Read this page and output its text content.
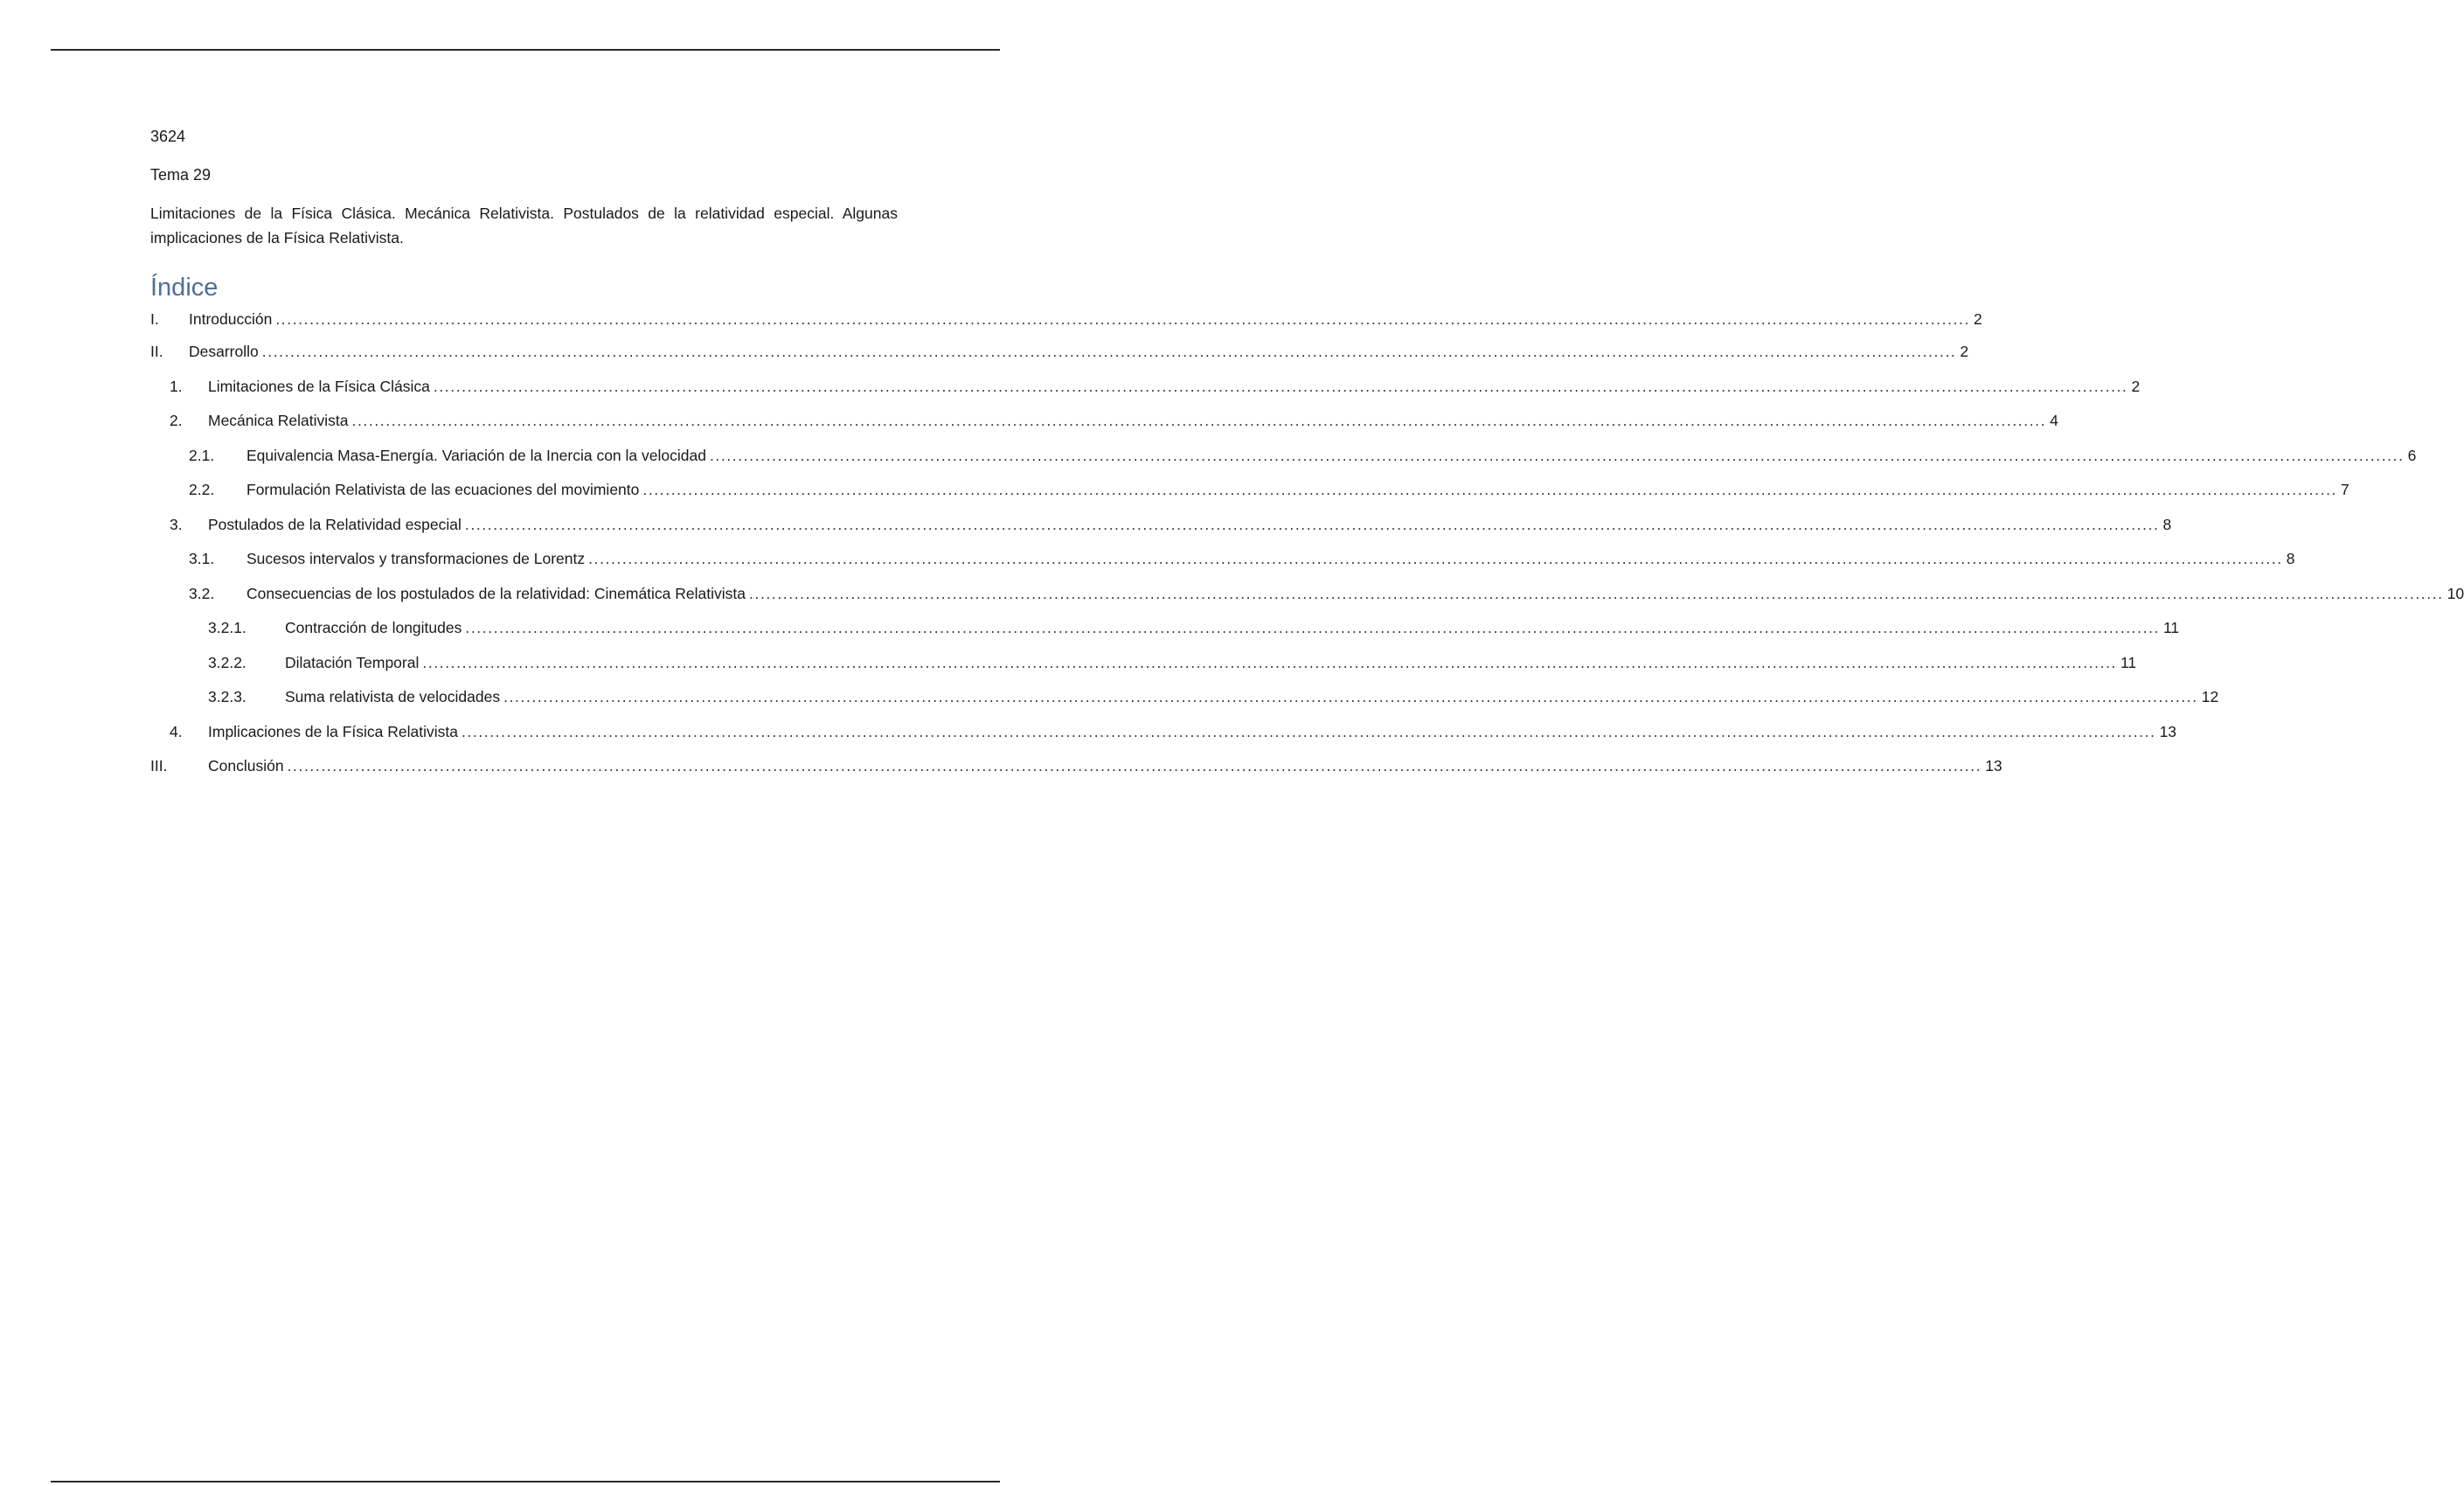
3624

Tema 29

Limitaciones de la Física Clásica. Mecánica Relativista. Postulados de la relatividad especial. Algunas implicaciones de la Física Relativista.

Índice
I.	Introducción ............................................................................................................................................................................................................................................................................................................ 2
II.	Desarrollo ............................................................................................................................................................................................................................................................................................................ 2
1.	Limitaciones de la Física Clásica ............................................................................................................................................................................................................................................................................................................ 2
2.	Mecánica Relativista ............................................................................................................................................................................................................................................................................................................ 4
2.1.	Equivalencia Masa-Energía. Variación de la Inercia con la velocidad ............................................................................................................................................................................................................................................................................................................ 6
2.2.	Formulación Relativista de las ecuaciones del movimiento ............................................................................................................................................................................................................................................................................................................ 7
3.	Postulados de la Relatividad especial ............................................................................................................................................................................................................................................................................................................ 8
3.1.	Sucesos intervalos y transformaciones de Lorentz ............................................................................................................................................................................................................................................................................................................ 8
3.2.	Consecuencias de los postulados de la relatividad: Cinemática Relativista ............................................................................................................................................................................................................................................................................................................ 10
3.2.1.	Contracción de longitudes ............................................................................................................................................................................................................................................................................................................ 11
3.2.2.	Dilatación Temporal ............................................................................................................................................................................................................................................................................................................ 11
3.2.3.	Suma relativista de velocidades ............................................................................................................................................................................................................................................................................................................ 12
4.	Implicaciones de la Física Relativista ............................................................................................................................................................................................................................................................................................................ 13
III.	Conclusión ............................................................................................................................................................................................................................................................................................................ 13
